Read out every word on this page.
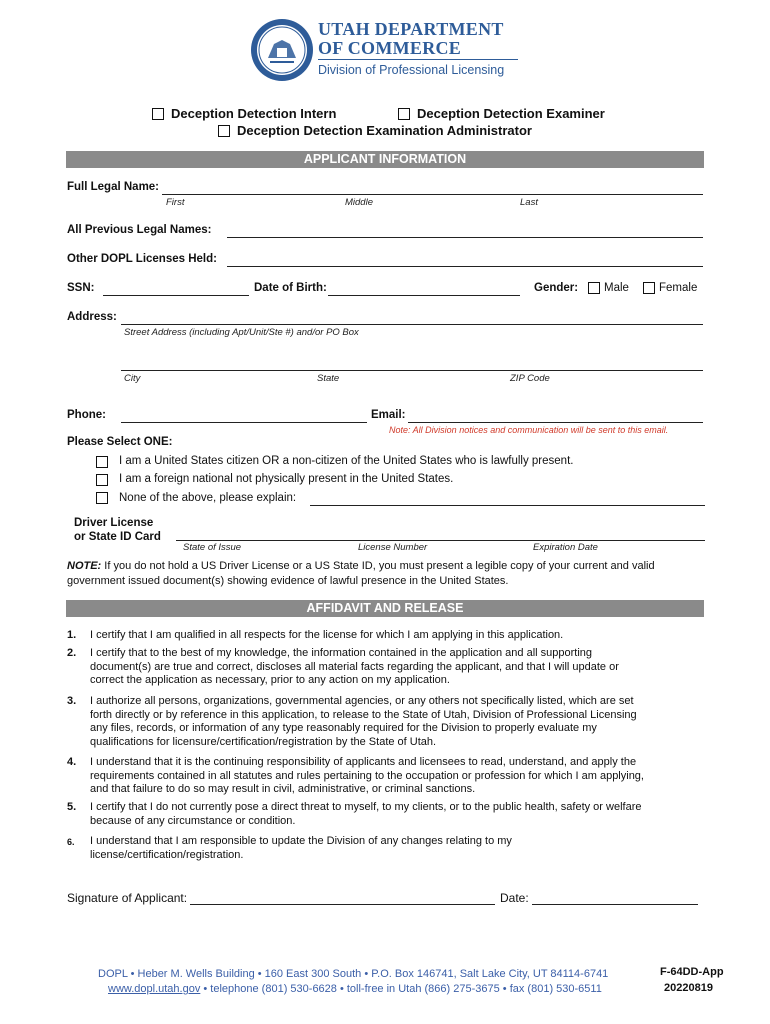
UTAH DEPARTMENT
OF COMMERCE
Division of Professional Licensing
Deception Detection Intern	Deception Detection Examiner
Deception Detection Examination Administrator
APPLICANT INFORMATION
Full Legal Name:
First	Middle	Last
All Previous Legal Names:
Other DOPL Licenses Held:
SSN:	Date of Birth:	Gender: Male	Female
Address:
Street Address (including Apt/Unit/Ste #) and/or PO Box
City	State	ZIP Code
Phone:	Email:
Note: All Division notices and communication will be sent to this email.
Please Select ONE:
I am a United States citizen OR a non-citizen of the United States who is lawfully present.
I am a foreign national not physically present in the United States.
None of the above, please explain:
Driver License
or State ID Card
State of Issue	License Number	Expiration Date
NOTE: If you do not hold a US Driver License or a US State ID, you must present a legible copy of your current and valid
government issued document(s) showing evidence of lawful presence in the United States.
AFFIDAVIT AND RELEASE
1. I certify that I am qualified in all respects for the license for which I am applying in this application.
2. I certify that to the best of my knowledge, the information contained in the application and all supporting
document(s) are true and correct, discloses all material facts regarding the applicant, and that I will update or
correct the application as necessary, prior to any action on my application.
3. I authorize all persons, organizations, governmental agencies, or any others not specifically listed, which are set
forth directly or by reference in this application, to release to the State of Utah, Division of Professional Licensing
any files, records, or information of any type reasonably required for the Division to properly evaluate my
qualifications for licensure/certification/registration by the State of Utah.
4. I understand that it is the continuing responsibility of applicants and licensees to read, understand, and apply the
requirements contained in all statutes and rules pertaining to the occupation or profession for which I am applying,
and that failure to do so may result in civil, administrative, or criminal sanctions.
5. I certify that I do not currently pose a direct threat to myself, to my clients, or to the public health, safety or welfare
because of any circumstance or condition.
6. I understand that I am responsible to update the Division of any changes relating to my
license/certification/registration.
Signature of Applicant:	Date:
DOPL • Heber M. Wells Building • 160 East 300 South • P.O. Box 146741, Salt Lake City, UT 84114-6741
www.dopl.utah.gov • telephone (801) 530-6628 • toll-free in Utah (866) 275-3675 • fax (801) 530-6511
F-64DD-App
20220819
